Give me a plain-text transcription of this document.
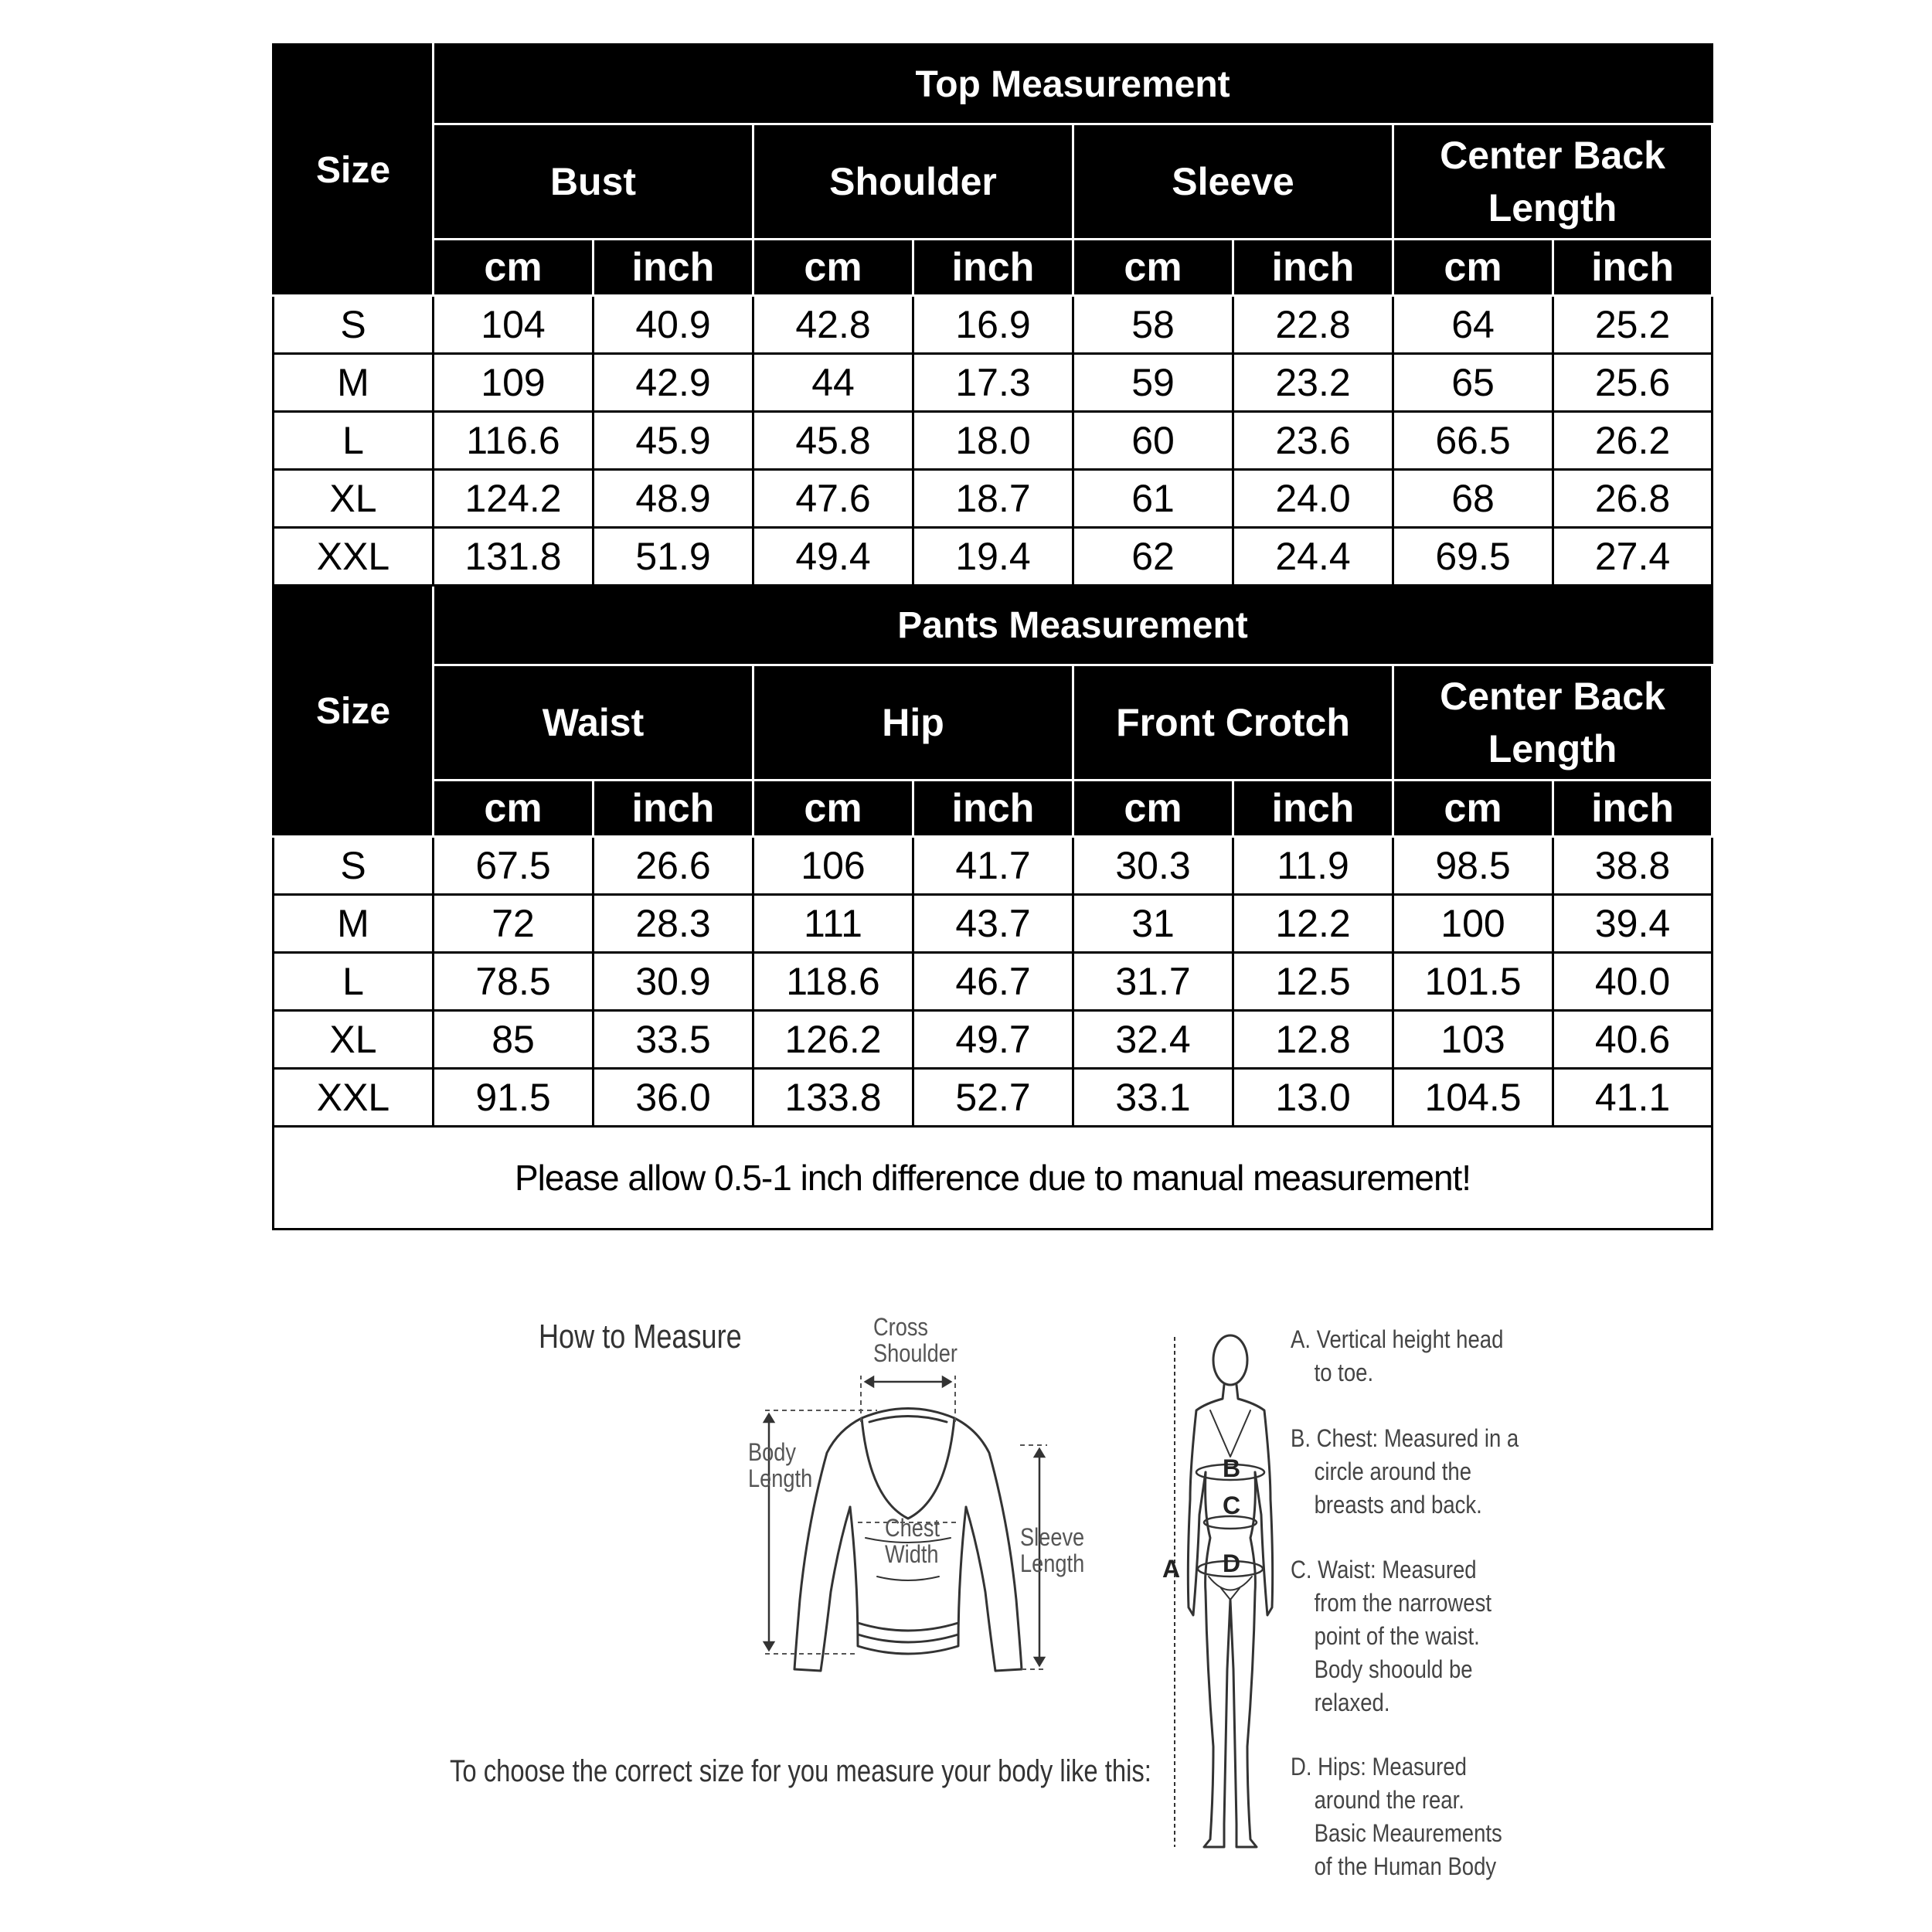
Size	Top Measurement							
	Bust		Shoulder		Sleeve		Center Back Length	
	cm	inch	cm	inch	cm	inch	cm	inch
S	104	40.9	42.8	16.9	58	22.8	64	25.2
M	109	42.9	44	17.3	59	23.2	65	25.6
L	116.6	45.9	45.8	18.0	60	23.6	66.5	26.2
XL	124.2	48.9	47.6	18.7	61	24.0	68	26.8
XXL	131.8	51.9	49.4	19.4	62	24.4	69.5	27.4
Size	Pants Measurement							
	Waist		Hip		Front Crotch		Center Back Length	
	cm	inch	cm	inch	cm	inch	cm	inch
S	67.5	26.6	106	41.7	30.3	11.9	98.5	38.8
M	72	28.3	111	43.7	31	12.2	100	39.4
L	78.5	30.9	118.6	46.7	31.7	12.5	101.5	40.0
XL	85	33.5	126.2	49.7	32.4	12.8	103	40.6
XXL	91.5	36.0	133.8	52.7	33.1	13.0	104.5	41.1
Please allow 0.5-1 inch difference due to manual measurement!								
How to Measure
To choose the correct size for you measure your body like this:
Cross
Shoulder
Body
Length
Chest
Width
Sleeve
Length	A
B
C
D
A. Vertical height head
to toe.
B. Chest: Measured in a
circle around the
breasts and back.
C. Waist: Measured
from the narrowest
point of the waist.
Body shoould be
relaxed.
D. Hips: Measured
around the rear.
Basic Meaurements
of the Human Body
